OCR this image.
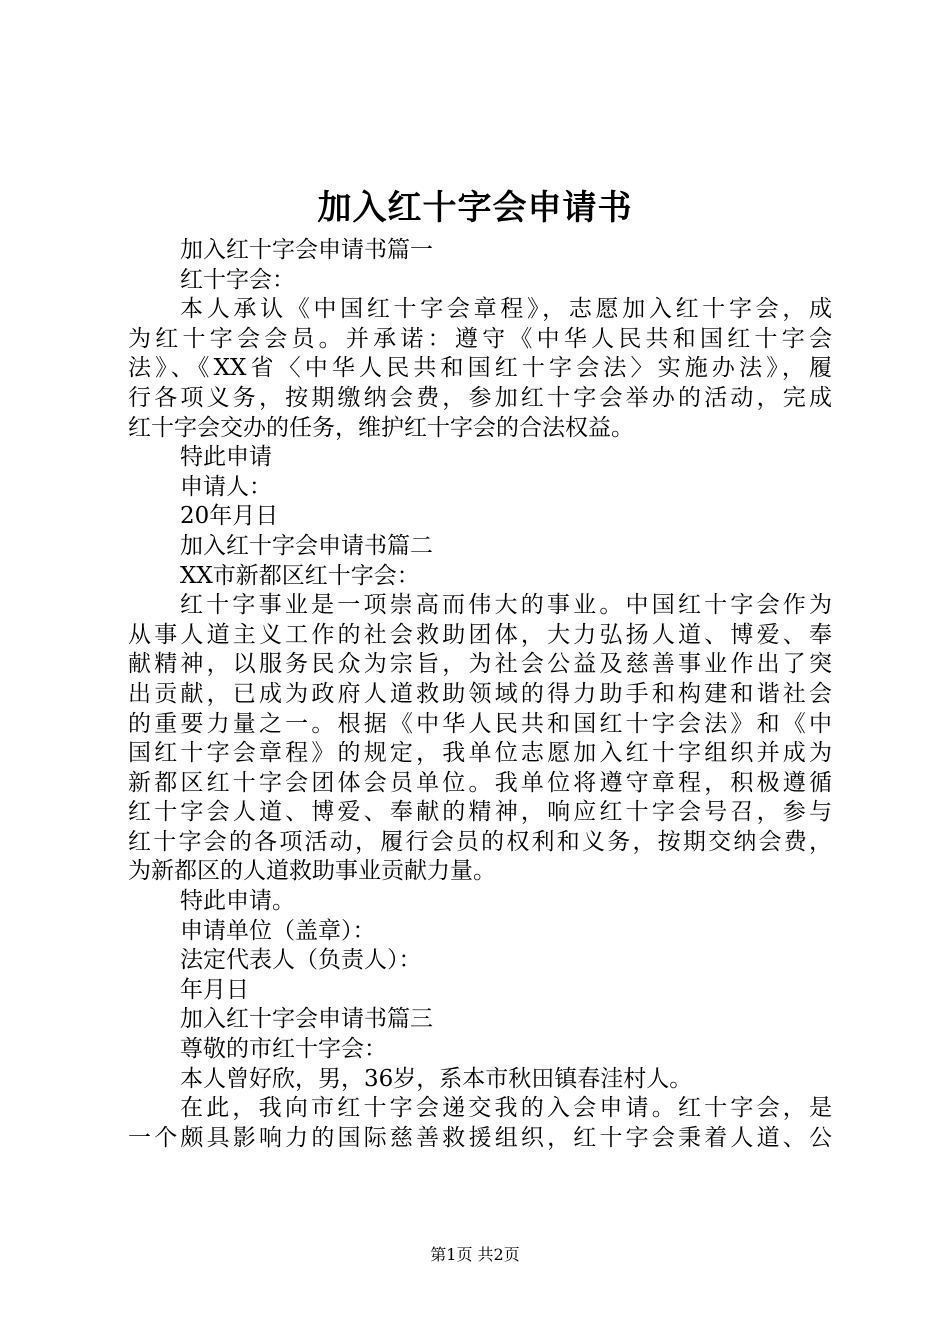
加入红十字会申请书
加入红十字会申请书篇一
红十字会：
本人承认《中国红十字会章程》，志愿加入红十字会，成
为红十字会会员。并承诺：遵守《中华人民共和国红十字会
法》、《XX省〈中华人民共和国红十字会法〉实施办法》，履
行各项义务，按期缴纳会费，参加红十字会举办的活动，完成
红十字会交办的任务，维护红十字会的合法权益。
特此申请
申请人：
20年月日
加入红十字会申请书篇二
XX市新都区红十字会：
红十字事业是一项崇高而伟大的事业。中国红十字会作为
从事人道主义工作的社会救助团体，大力弘扬人道、博爱、奉
献精神，以服务民众为宗旨，为社会公益及慈善事业作出了突
出贡献，已成为政府人道救助领域的得力助手和构建和谐社会
的重要力量之一。根据《中华人民共和国红十字会法》和《中
国红十字会章程》的规定，我单位志愿加入红十字组织并成为
新都区红十字会团体会员单位。我单位将遵守章程，积极遵循
红十字会人道、博爱、奉献的精神，响应红十字会号召，参与
红十字会的各项活动，履行会员的权利和义务，按期交纳会费，
为新都区的人道救助事业贡献力量。
特此申请。
申请单位（盖章）：
法定代表人（负责人）：
年月日
加入红十字会申请书篇三
尊敬的市红十字会：
本人曾好欣，男，36岁，系本市秋田镇春洼村人。
在此，我向市红十字会递交我的入会申请。红十字会，是
一个颇具影响力的国际慈善救援组织，红十字会秉着人道、公
第1页 共2页
